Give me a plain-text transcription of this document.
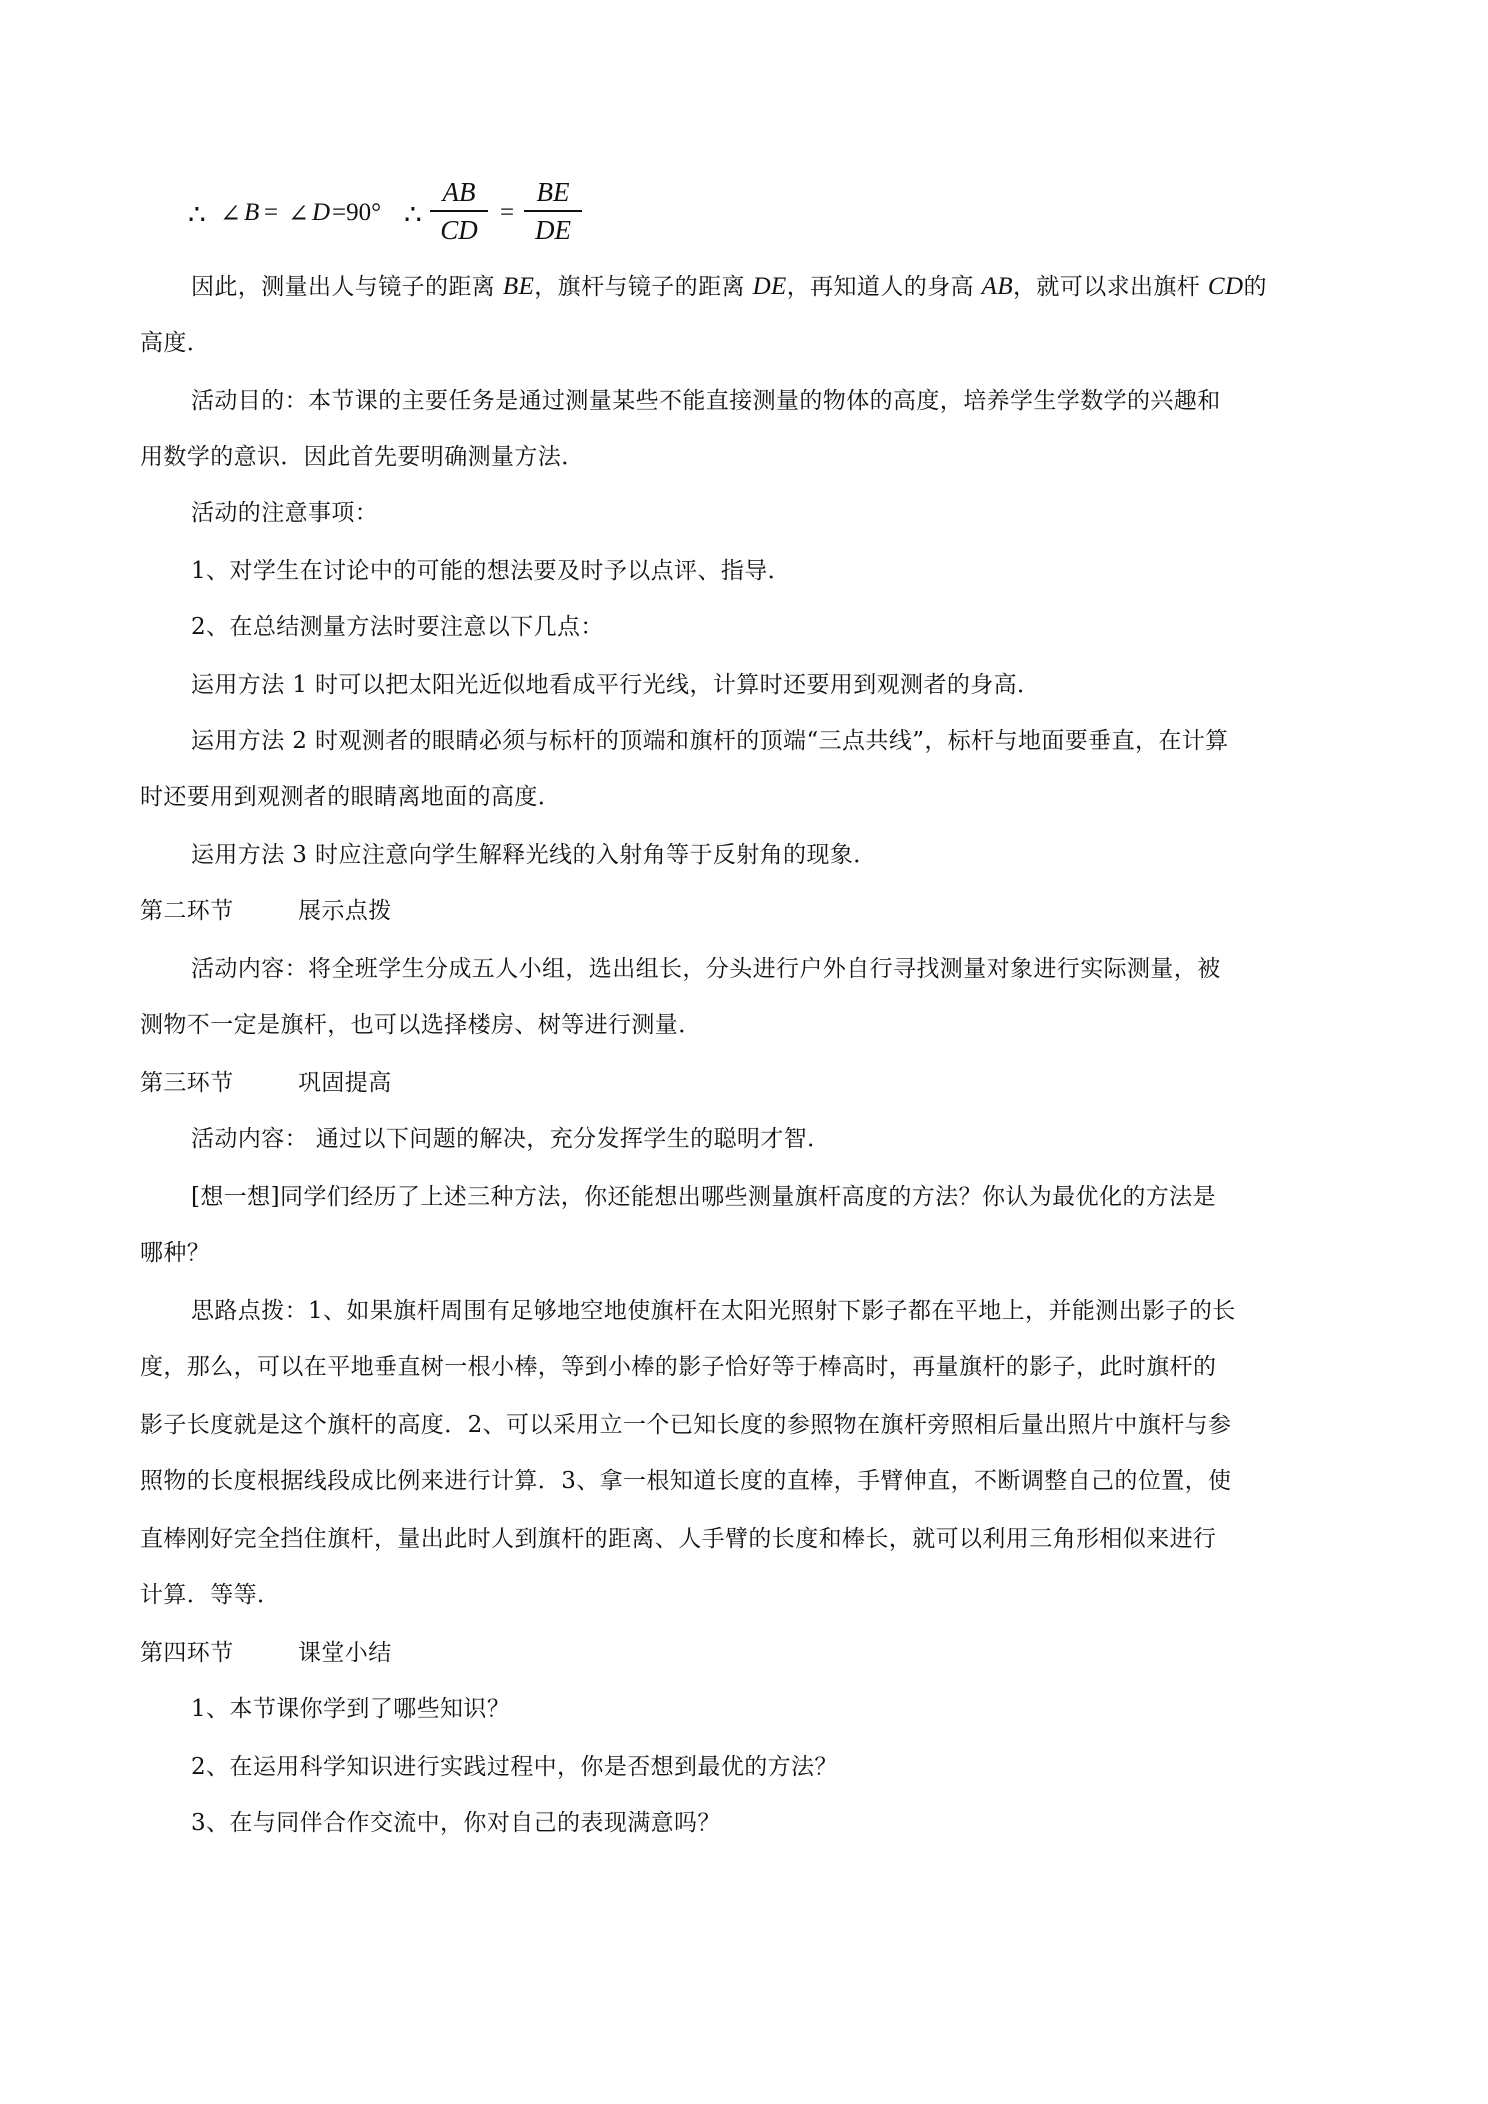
∴ ∠ B = ∠ D =90° ∴
AB
CD
=
BE
DE
因此，测量出人与镜子的距离 BE，旗杆与镜子的距离 DE，再知道人的身高 AB，就可以求出旗杆 CD的
高度．
活动目的：本节课的主要任务是通过测量某些不能直接测量的物体的高度，培养学生学数学的兴趣和
用数学的意识．因此首先要明确测量方法．
活动的注意事项：
1、对学生在讨论中的可能的想法要及时予以点评、指导．
2、在总结测量方法时要注意以下几点：
运用方法 1 时可以把太阳光近似地看成平行光线，计算时还要用到观测者的身高．
运用方法 2 时观测者的眼睛必须与标杆的顶端和旗杆的顶端“三点共线”，标杆与地面要垂直，在计算
时还要用到观测者的眼睛离地面的高度．
运用方法 3 时应注意向学生解释光线的入射角等于反射角的现象．
第二环节	展示点拨
活动内容：将全班学生分成五人小组，选出组长，分头进行户外自行寻找测量对象进行实际测量，被
测物不一定是旗杆，也可以选择楼房、树等进行测量．
第三环节	巩固提高
活动内容： 通过以下问题的解决，充分发挥学生的聪明才智．
[想一想]同学们经历了上述三种方法，你还能想出哪些测量旗杆高度的方法？你认为最优化的方法是
哪种？
思路点拨：1、如果旗杆周围有足够地空地使旗杆在太阳光照射下影子都在平地上，并能测出影子的长
度，那么，可以在平地垂直树一根小棒，等到小棒的影子恰好等于棒高时，再量旗杆的影子，此时旗杆的
影子长度就是这个旗杆的高度．2、可以采用立一个已知长度的参照物在旗杆旁照相后量出照片中旗杆与参
照物的长度根据线段成比例来进行计算．3、拿一根知道长度的直棒，手臂伸直，不断调整自己的位置，使
直棒刚好完全挡住旗杆，量出此时人到旗杆的距离、人手臂的长度和棒长，就可以利用三角形相似来进行
计算．等等．
第四环节	课堂小结
1、本节课你学到了哪些知识？
2、在运用科学知识进行实践过程中，你是否想到最优的方法？
3、在与同伴合作交流中，你对自己的表现满意吗？
